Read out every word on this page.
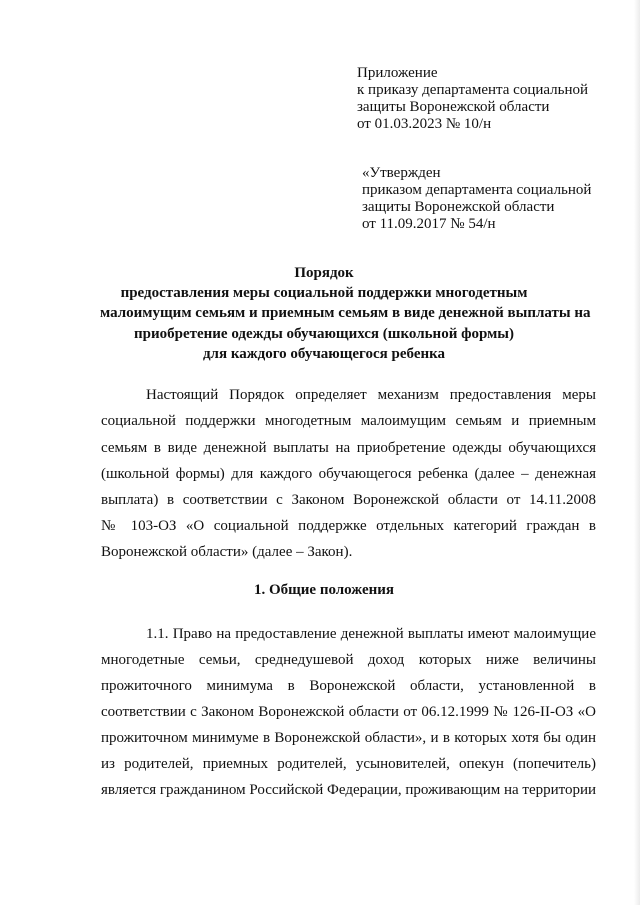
Приложение
к приказу департамента социальной
защиты Воронежской области
от 01.03.2023 № 10/н
«Утвержден
приказом департамента социальной
защиты Воронежской области
от 11.09.2017 № 54/н
Порядок
предоставления меры социальной поддержки многодетным
малоимущим семьям и приемным семьям в виде денежной выплаты на
приобретение одежды обучающихся (школьной формы)
для каждого обучающегося ребенка
Настоящий Порядок определяет механизм предоставления меры
социальной поддержки многодетным малоимущим семьям и приемным
семьям в виде денежной выплаты на приобретение одежды обучающихся
(школьной формы) для каждого обучающегося ребенка (далее – денежная
выплата) в соответствии с Законом Воронежской области от 14.11.2008
№ 103-ОЗ «О социальной поддержке отдельных категорий граждан в
Воронежской области» (далее – Закон).
1. Общие положения
1.1. Право на предоставление денежной выплаты имеют малоимущие
многодетные семьи, среднедушевой доход которых ниже величины
прожиточного минимума в Воронежской области, установленной в
соответствии с Законом Воронежской области от 06.12.1999 № 126-II-ОЗ «О
прожиточном минимуме в Воронежской области», и в которых хотя бы один
из родителей, приемных родителей, усыновителей, опекун (попечитель)
является гражданином Российской Федерации, проживающим на территории
